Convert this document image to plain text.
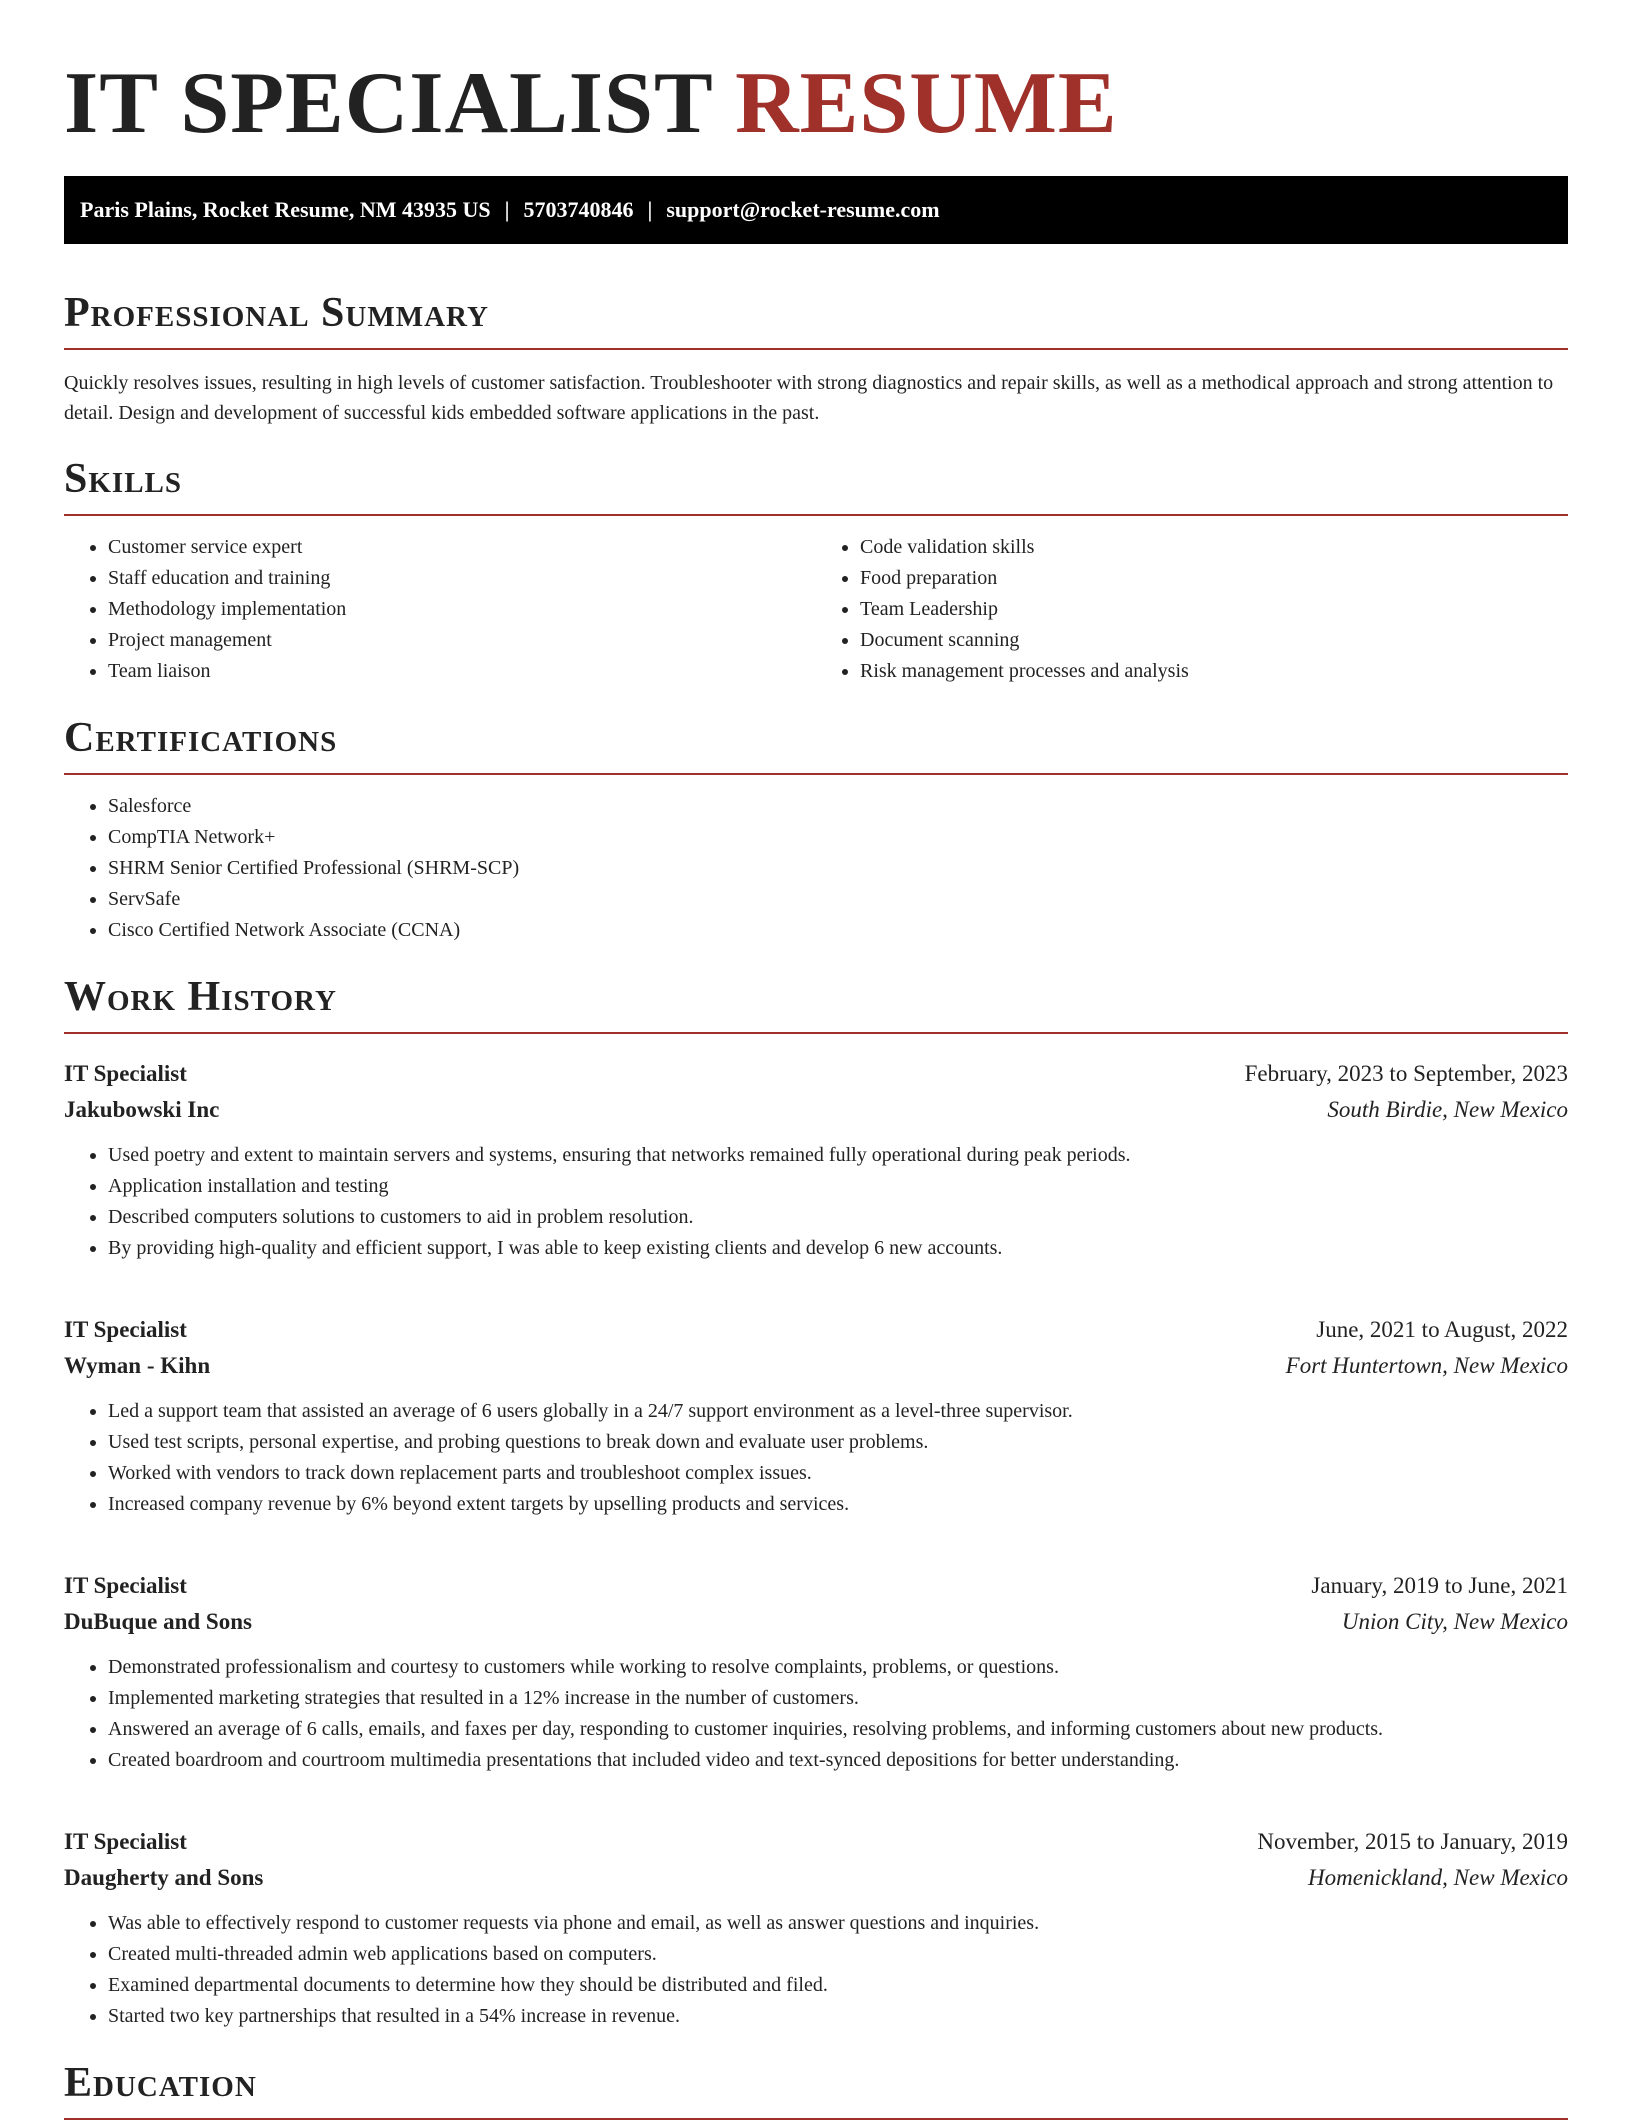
IT SPECIALIST RESUME
Paris Plains, Rocket Resume, NM 43935 US | 5703740846 | support@rocket-resume.com
Professional Summary

Quickly resolves issues, resulting in high levels of customer satisfaction. Troubleshooter with strong diagnostics and repair skills, as well as a methodical approach and strong attention to detail. Design and development of successful kids embedded software applications in the past.

Skills
• Customer service expert
• Staff education and training
• Methodology implementation
• Project management
• Team liaison
• Code validation skills
• Food preparation
• Team Leadership
• Document scanning
• Risk management processes and analysis
Certifications
• Salesforce
• CompTIA Network+
• SHRM Senior Certified Professional (SHRM-SCP)
• ServSafe
• Cisco Certified Network Associate (CCNA)
Work History
IT Specialist	February, 2023 to September, 2023
Jakubowski Inc	South Birdie, New Mexico
• Used poetry and extent to maintain servers and systems, ensuring that networks remained fully operational during peak periods.
• Application installation and testing
• Described computers solutions to customers to aid in problem resolution.
• By providing high-quality and efficient support, I was able to keep existing clients and develop 6 new accounts.
IT Specialist	June, 2021 to August, 2022
Wyman - Kihn	Fort Huntertown, New Mexico
• Led a support team that assisted an average of 6 users globally in a 24/7 support environment as a level-three supervisor.
• Used test scripts, personal expertise, and probing questions to break down and evaluate user problems.
• Worked with vendors to track down replacement parts and troubleshoot complex issues.
• Increased company revenue by 6% beyond extent targets by upselling products and services.
IT Specialist	January, 2019 to June, 2021
DuBuque and Sons	Union City, New Mexico
• Demonstrated professionalism and courtesy to customers while working to resolve complaints, problems, or questions.
• Implemented marketing strategies that resulted in a 12% increase in the number of customers.
• Answered an average of 6 calls, emails, and faxes per day, responding to customer inquiries, resolving problems, and informing customers about new products.
• Created boardroom and courtroom multimedia presentations that included video and text-synced depositions for better understanding.
IT Specialist	November, 2015 to January, 2019
Daugherty and Sons	Homenickland, New Mexico
• Was able to effectively respond to customer requests via phone and email, as well as answer questions and inquiries.
• Created multi-threaded admin web applications based on computers.
• Examined departmental documents to determine how they should be distributed and filed.
• Started two key partnerships that resulted in a 54% increase in revenue.
Education
